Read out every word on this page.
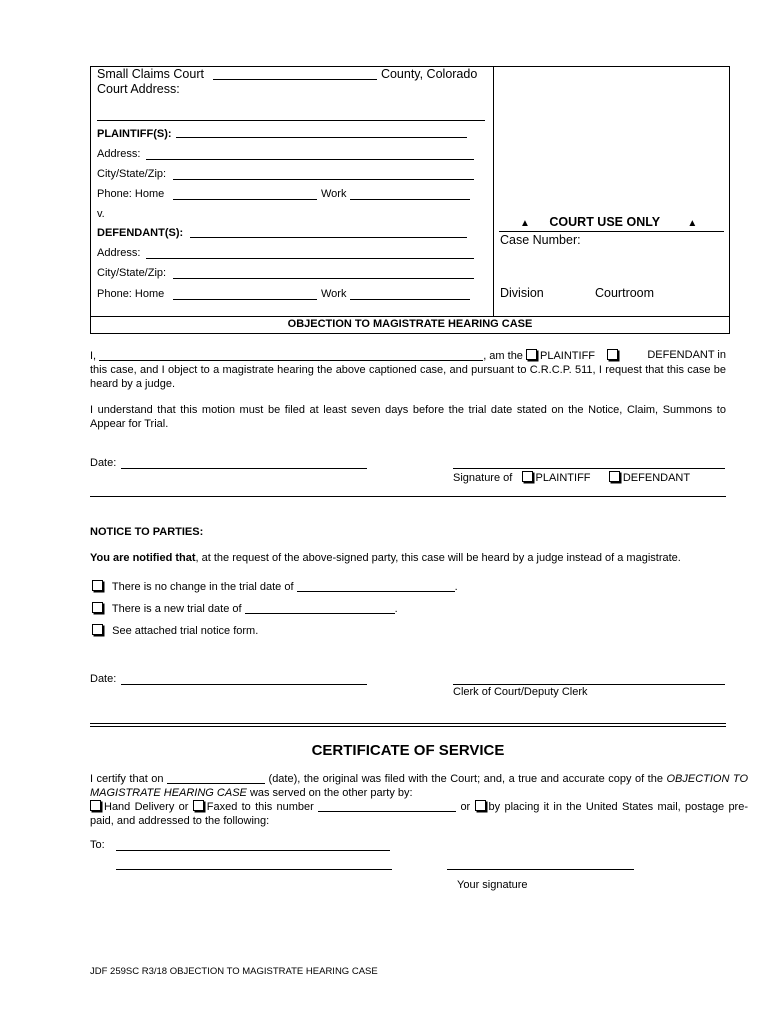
Small Claims Court	County, Colorado
Court Address:
PLAINTIFF(S):
Address:
City/State/Zip:
Phone: Home	Work
v.
DEFENDANT(S):
Address:
City/State/Zip:
Phone: Home	Work
▲ COURT USE ONLY	▲
Case Number:
Division	Courtroom
OBJECTION TO MAGISTRATE HEARING CASE
I,	, am the PLAINTIFF	DEFENDANT in
this case, and I object to a magistrate hearing the above captioned case, and pursuant to C.R.C.P. 511, I request that this case be heard by a judge.
I understand that this motion must be filed at least seven days before the trial date stated on the Notice, Claim, Summons to Appear for Trial.
Date:
Signature of PLAINTIFF	DEFENDANT
NOTICE TO PARTIES:
You are notified that, at the request of the above-signed party, this case will be heard by a judge instead of a magistrate.
There is no change in the trial date of	.
There is a new trial date of	.
See attached trial notice form.
Date:
Clerk of Court/Deputy Clerk
CERTIFICATE OF SERVICE
I certify that on	(date), the original was filed with the Court; and, a true and accurate copy of the OBJECTION TO MAGISTRATE HEARING CASE was served on the other party by:
Hand Delivery or Faxed to this number	or by placing it in the United States mail, postage pre-paid, and addressed to the following:
To:
Your signature
JDF 259SC R3/18 OBJECTION TO MAGISTRATE HEARING CASE
